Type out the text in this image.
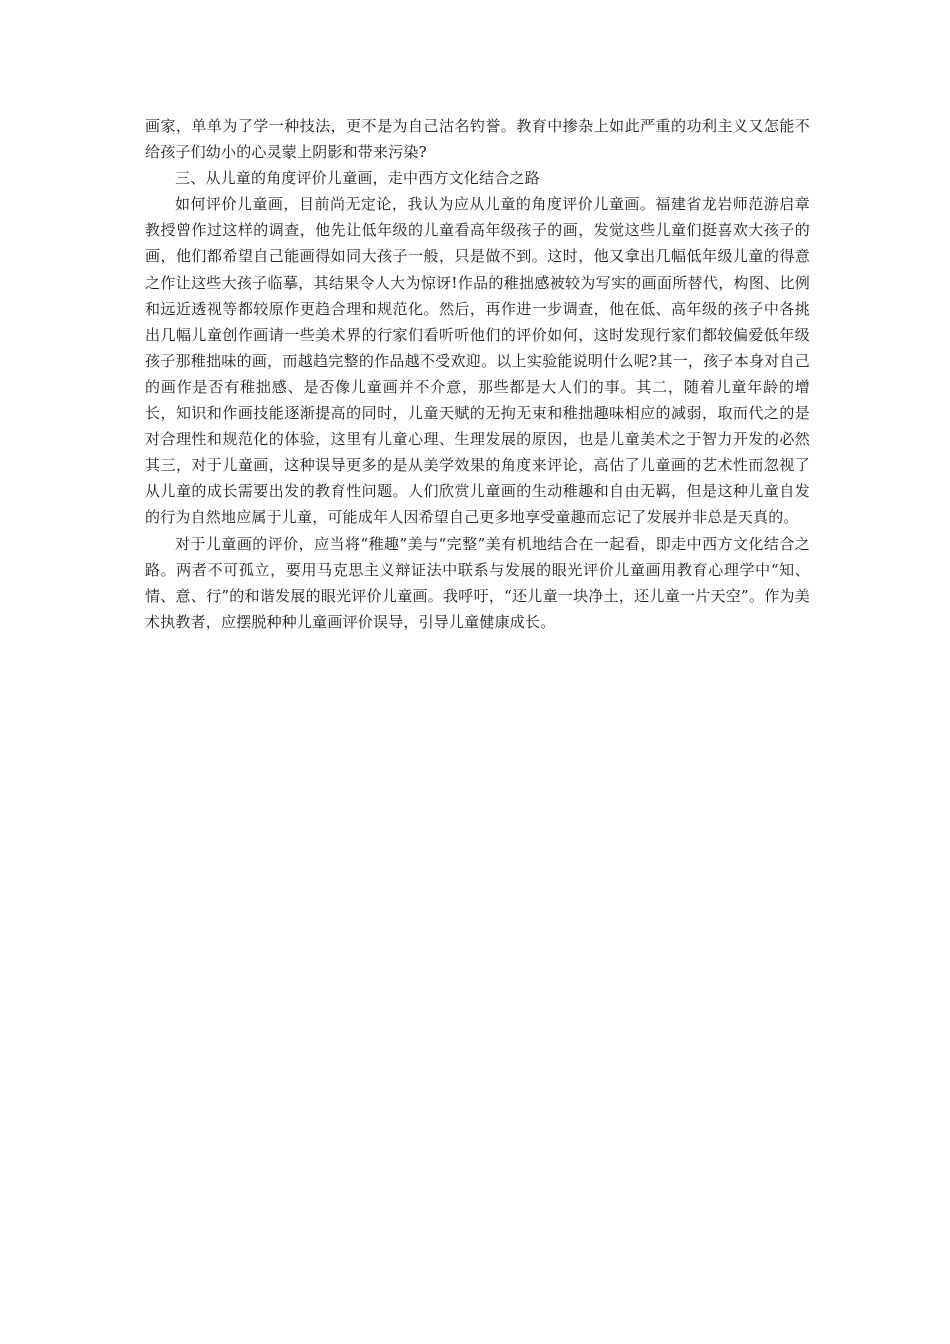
画家，单单为了学一种技法，更不是为自己沽名钓誉。教育中掺杂上如此严重的功利主义又怎能不给孩子们幼小的心灵蒙上阴影和带来污染?

三、从儿童的角度评价儿童画，走中西方文化结合之路

如何评价儿童画，目前尚无定论，我认为应从儿童的角度评价儿童画。福建省龙岩师范游启章教授曾作过这样的调查，他先让低年级的儿童看高年级孩子的画，发觉这些儿童们挺喜欢大孩子的画，他们都希望自己能画得如同大孩子一般，只是做不到。这时，他又拿出几幅低年级儿童的得意之作让这些大孩子临摹，其结果令人大为惊讶!作品的稚拙感被较为写实的画面所替代，构图、比例和远近透视等都较原作更趋合理和规范化。然后，再作进一步调查，他在低、高年级的孩子中各挑出几幅儿童创作画请一些美术界的行家们看听听他们的评价如何，这时发现行家们都较偏爱低年级孩子那稚拙味的画，而越趋完整的作品越不受欢迎。以上实验能说明什么呢?其一，孩子本身对自己的画作是否有稚拙感、是否像儿童画并不介意，那些都是大人们的事。其二，随着儿童年龄的增长，知识和作画技能逐渐提高的同时，儿童天赋的无拘无束和稚拙趣味相应的减弱，取而代之的是对合理性和规范化的体验，这里有儿童心理、生理发展的原因，也是儿童美术之于智力开发的必然其三，对于儿童画，这种误导更多的是从美学效果的角度来评论，高估了儿童画的艺术性而忽视了从儿童的成长需要出发的教育性问题。人们欣赏儿童画的生动稚趣和自由无羁，但是这种儿童自发的行为自然地应属于儿童，可能成年人因希望自己更多地享受童趣而忘记了发展并非总是天真的。

对于儿童画的评价，应当将“稚趣”美与“完整”美有机地结合在一起看，即走中西方文化结合之路。两者不可孤立，要用马克思主义辩证法中联系与发展的眼光评价儿童画用教育心理学中“知、情、意、行”的和谐发展的眼光评价儿童画。我呼吁，“还儿童一块净土，还儿童一片天空”。作为美术执教者，应摆脱种种儿童画评价误导，引导儿童健康成长。
